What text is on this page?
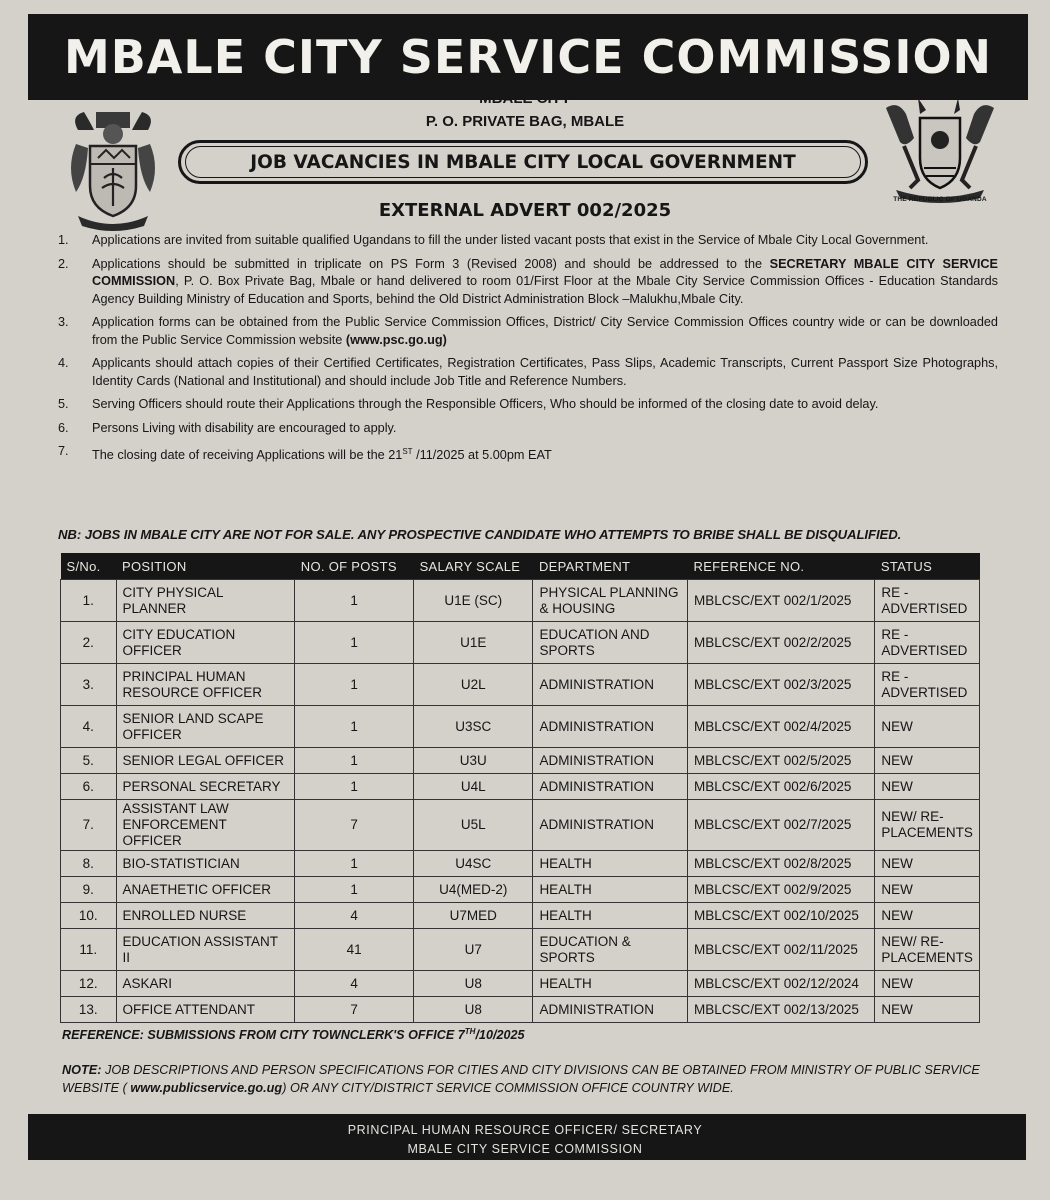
MBALE CITY SERVICE COMMISSION
THE REPUBLIC OF UGANDA
MBALE CITY
P. O. PRIVATE BAG, MBALE
JOB VACANCIES IN MBALE CITY LOCAL GOVERNMENT
EXTERNAL ADVERT 002/2025
1.	Applications are invited from suitable qualified Ugandans to fill the under listed vacant posts that exist in the Service of Mbale City Local Government.
2.	Applications should be submitted in triplicate on PS Form 3 (Revised 2008) and should be addressed to the SECRETARY MBALE CITY SERVICE COMMISSION, P. O. Box Private Bag, Mbale or hand delivered to room 01/First Floor at the Mbale City Service Commission Offices - Education Standards Agency Building Ministry of Education and Sports, behind the Old District Administration Block –Malukhu,Mbale City.
3.	Application forms can be obtained from the Public Service Commission Offices, District/ City Service Commission Offices country wide or can be downloaded from the Public Service Commission website (www.psc.go.ug)
4.	Applicants should attach copies of their Certified Certificates, Registration Certificates, Pass Slips, Academic Transcripts, Current Passport Size Photographs, Identity Cards (National and Institutional) and should include Job Title and Reference Numbers.
5.	Serving Officers should route their Applications through the Responsible Officers, Who should be informed of the closing date to avoid delay.
6.	Persons Living with disability are encouraged to apply.
7.	The closing date of receiving Applications will be the 21ST /11/2025 at 5.00pm EAT
NB: JOBS IN MBALE CITY ARE NOT FOR SALE. ANY PROSPECTIVE CANDIDATE WHO ATTEMPTS TO BRIBE SHALL BE DISQUALIFIED.
S/No.	POSITION	NO. OF POSTS	SALARY SCALE	DEPARTMENT	REFERENCE NO.	STATUS
1.	CITY PHYSICAL PLANNER	1	U1E (SC)	PHYSICAL PLANNING & HOUSING	MBLCSC/EXT 002/1/2025	RE - ADVERTISED
2.	CITY EDUCATION OFFICER	1	U1E	EDUCATION AND SPORTS	MBLCSC/EXT 002/2/2025	RE - ADVERTISED
3.	PRINCIPAL HUMAN RESOURCE OFFICER	1	U2L	ADMINISTRATION	MBLCSC/EXT 002/3/2025	RE - ADVERTISED
4.	SENIOR LAND SCAPE OFFICER	1	U3SC	ADMINISTRATION	MBLCSC/EXT 002/4/2025	NEW
5.	SENIOR LEGAL OFFICER	1	U3U	ADMINISTRATION	MBLCSC/EXT 002/5/2025	NEW
6.	PERSONAL SECRETARY	1	U4L	ADMINISTRATION	MBLCSC/EXT 002/6/2025	NEW
7.	ASSISTANT LAW ENFORCEMENT OFFICER	7	U5L	ADMINISTRATION	MBLCSC/EXT 002/7/2025	NEW/ RE-PLACEMENTS
8.	BIO-STATISTICIAN	1	U4SC	HEALTH	MBLCSC/EXT 002/8/2025	NEW
9.	ANAETHETIC OFFICER	1	U4(MED-2)	HEALTH	MBLCSC/EXT 002/9/2025	NEW
10.	ENROLLED NURSE	4	U7MED	HEALTH	MBLCSC/EXT 002/10/2025	NEW
11.	EDUCATION ASSISTANT II	41	U7	EDUCATION & SPORTS	MBLCSC/EXT 002/11/2025	NEW/ RE-PLACEMENTS
12.	ASKARI	4	U8	HEALTH	MBLCSC/EXT 002/12/2024	NEW
13.	OFFICE ATTENDANT	7	U8	ADMINISTRATION	MBLCSC/EXT 002/13/2025	NEW
REFERENCE: SUBMISSIONS FROM CITY TOWNCLERK'S OFFICE 7TH/10/2025
NOTE: JOB DESCRIPTIONS AND PERSON SPECIFICATIONS FOR CITIES AND CITY DIVISIONS CAN BE OBTAINED FROM MINISTRY OF PUBLIC SERVICE WEBSITE ( www.publicservice.go.ug) OR ANY CITY/DISTRICT SERVICE COMMISSION OFFICE COUNTRY WIDE.
PRINCIPAL HUMAN RESOURCE OFFICER/ SECRETARY
MBALE CITY SERVICE COMMISSION
